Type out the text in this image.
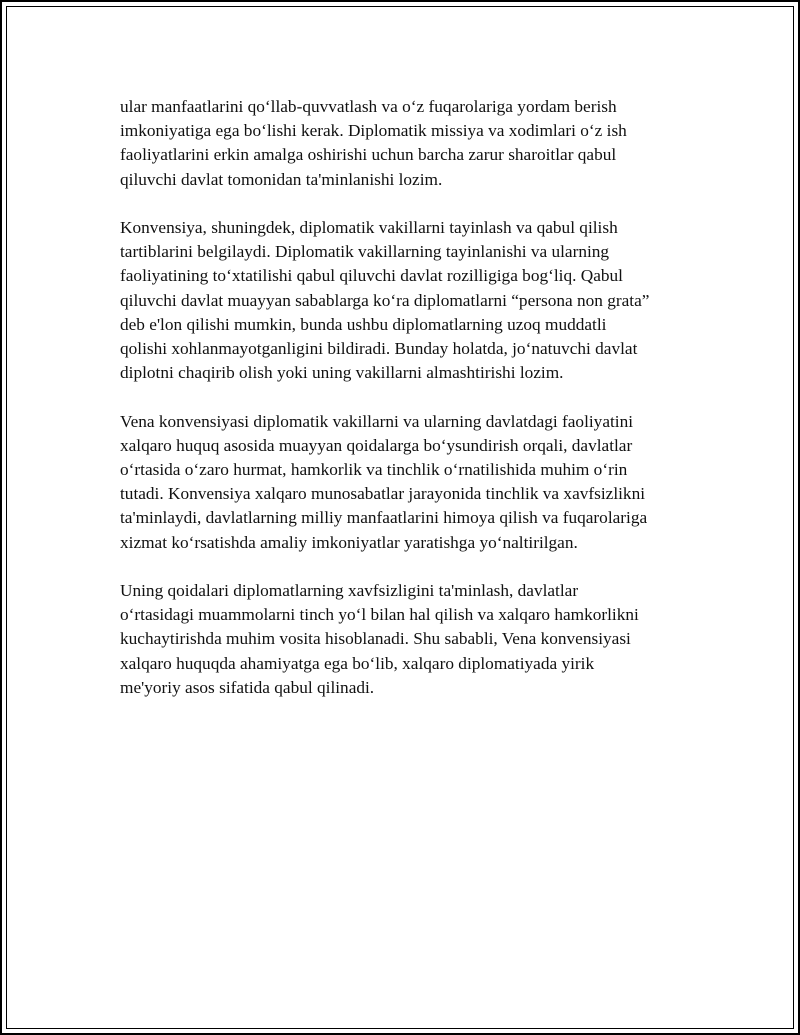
ular manfaatlarini qo‘llab-quvvatlash va o‘z fuqarolariga yordam berish
imkoniyatiga ega bo‘lishi kerak. Diplomatik missiya va xodimlari o‘z ish
faoliyatlarini erkin amalga oshirishi uchun barcha zarur sharoitlar qabul
qiluvchi davlat tomonidan ta'minlanishi lozim.

Konvensiya, shuningdek, diplomatik vakillarni tayinlash va qabul qilish
tartiblarini belgilaydi. Diplomatik vakillarning tayinlanishi va ularning
faoliyatining to‘xtatilishi qabul qiluvchi davlat rozilligiga bog‘liq. Qabul
qiluvchi davlat muayyan sabablarga ko‘ra diplomatlarni “persona non grata”
deb e'lon qilishi mumkin, bunda ushbu diplomatlarning uzoq muddatli
qolishi xohlanmayotganligini bildiradi. Bunday holatda, jo‘natuvchi davlat
diplotni chaqirib olish yoki uning vakillarni almashtirishi lozim.

Vena konvensiyasi diplomatik vakillarni va ularning davlatdagi faoliyatini
xalqaro huquq asosida muayyan qoidalarga bo‘ysundirish orqali, davlatlar
o‘rtasida o‘zaro hurmat, hamkorlik va tinchlik o‘rnatilishida muhim o‘rin
tutadi. Konvensiya xalqaro munosabatlar jarayonida tinchlik va xavfsizlikni
ta'minlaydi, davlatlarning milliy manfaatlarini himoya qilish va fuqarolariga
xizmat ko‘rsatishda amaliy imkoniyatlar yaratishga yo‘naltirilgan.

Uning qoidalari diplomatlarning xavfsizligini ta'minlash, davlatlar
o‘rtasidagi muammolarni tinch yo‘l bilan hal qilish va xalqaro hamkorlikni
kuchaytirishda muhim vosita hisoblanadi. Shu sababli, Vena konvensiyasi
xalqaro huquqda ahamiyatga ega bo‘lib, xalqaro diplomatiyada yirik
me'yoriy asos sifatida qabul qilinadi.
